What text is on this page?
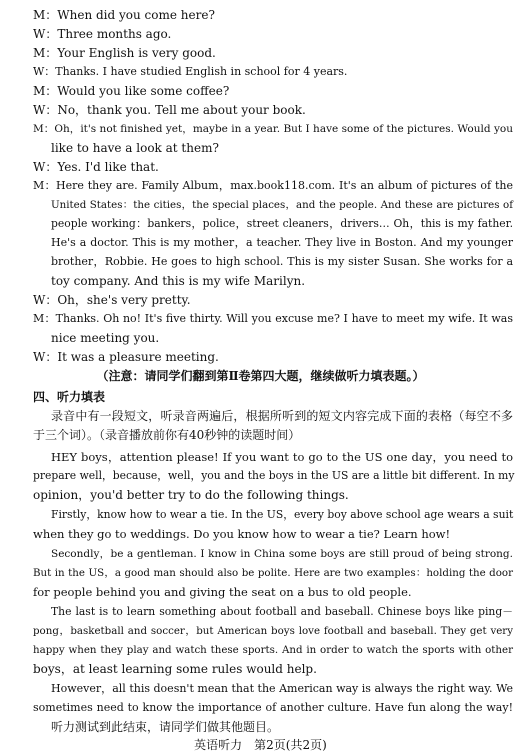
M：When did you come here?
W：Three months ago.
M：Your English is very good.
W：Thanks. I have studied English in school for 4 years.
M：Would you like some coffee?
W：No，thank you. Tell me about your book.
M：Oh，it's not finished yet，maybe in a year. But I have some of the pictures. Would you
like to have a look at them?
W：Yes. I'd like that.
M：Here they are. Family Album，max.book118.com. It's an album of pictures of the
United States：the cities，the special places，and the people. And these are pictures of
people working：bankers，police，street cleaners，drivers… Oh，this is my father.
He's a doctor. This is my mother，a teacher. They live in Boston. And my younger
brother，Robbie. He goes to high school. This is my sister Susan. She works for a
toy company. And this is my wife Marilyn.
W：Oh，she's very pretty.
M：Thanks. Oh no! It's five thirty. Will you excuse me? I have to meet my wife. It was
nice meeting you.
W：It was a pleasure meeting.
（注意：请同学们翻到第Ⅱ卷第四大题，继续做听力填表题。）
四、听力填表
录音中有一段短文，听录音两遍后，根据所听到的短文内容完成下面的表格（每空不多
于三个词）。（录音播放前你有40秒钟的读题时间）
HEY boys，attention please! If you want to go to the US one day，you need to
prepare well，because，well，you and the boys in the US are a little bit different. In my
opinion，you'd better try to do the following things.
Firstly，know how to wear a tie. In the US，every boy above school age wears a suit
when they go to weddings. Do you know how to wear a tie? Learn how!
Secondly，be a gentleman. I know in China some boys are still proud of being strong.
But in the US，a good man should also be polite. Here are two examples：holding the door
for people behind you and giving the seat on a bus to old people.
The last is to learn something about football and baseball. Chinese boys like ping－
pong，basketball and soccer，but American boys love football and baseball. They get very
happy when they play and watch these sports. And in order to watch the sports with other
boys，at least learning some rules would help.
However，all this doesn't mean that the American way is always the right way. We
sometimes need to know the importance of another culture. Have fun along the way!
听力测试到此结束，请同学们做其他题目。
英语听力　第2页(共2页)
